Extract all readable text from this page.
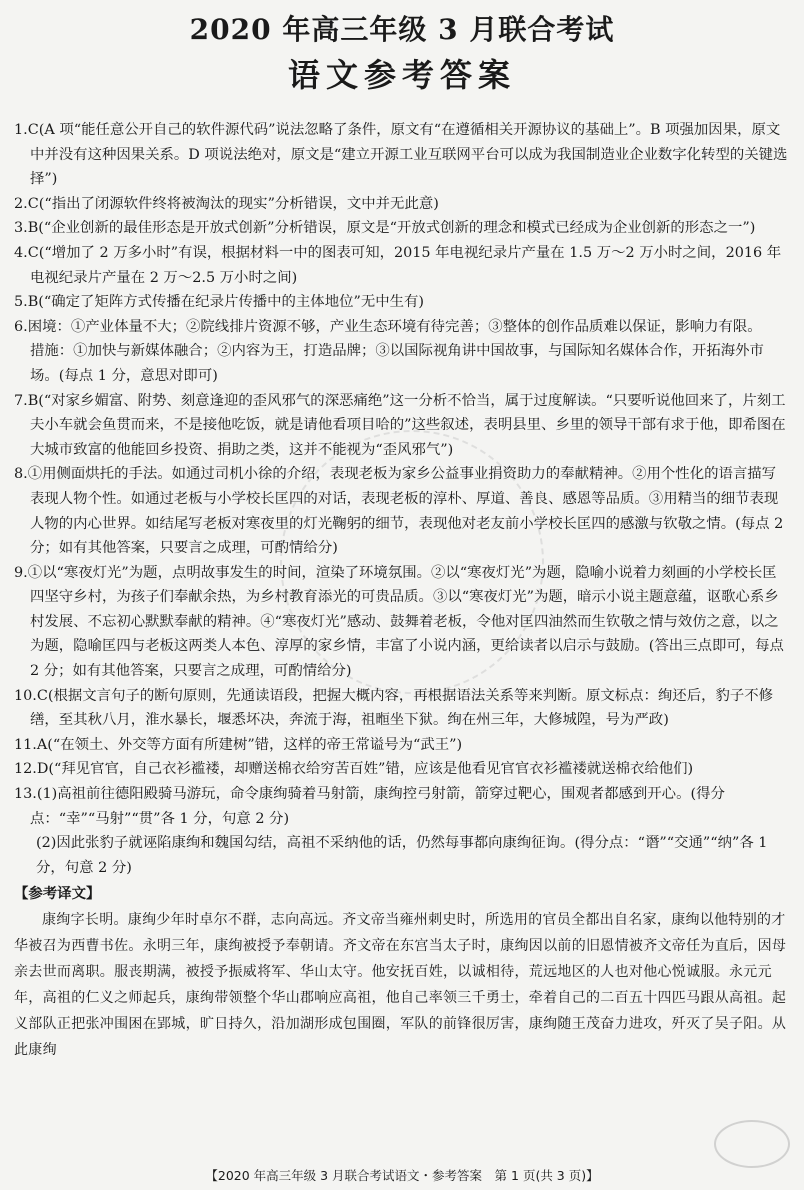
2020 年高三年级 3 月联合考试
语文参考答案

1.C(A 项“能任意公开自己的软件源代码”说法忽略了条件，原文有“在遵循相关开源协议的基础上”。B 项强加因果，原文中并没有这种因果关系。D 项说法绝对，原文是“建立开源工业互联网平台可以成为我国制造业企业数字化转型的关键选择”)

2.C(“指出了闭源软件终将被淘汰的现实”分析错误，文中并无此意)

3.B(“企业创新的最佳形态是开放式创新”分析错误，原文是“开放式创新的理念和模式已经成为企业创新的形态之一”)

4.C(“增加了 2 万多小时”有误，根据材料一中的图表可知，2015 年电视纪录片产量在 1.5 万～2 万小时之间，2016 年电视纪录片产量在 2 万～2.5 万小时之间)

5.B(“确定了矩阵方式传播在纪录片传播中的主体地位”无中生有)

6.困境：①产业体量不大；②院线排片资源不够，产业生态环境有待完善；③整体的创作品质难以保证，影响力有限。

措施：①加快与新媒体融合；②内容为王，打造品牌；③以国际视角讲中国故事，与国际知名媒体合作，开拓海外市场。(每点 1 分，意思对即可)

7.B(“对家乡媚富、附势、刻意逢迎的歪风邪气的深恶痛绝”这一分析不恰当，属于过度解读。“只要听说他回来了，片刻工夫小车就会鱼贯而来，不是接他吃饭，就是请他看项目哈的”这些叙述，表明县里、乡里的领导干部有求于他，即希图在大城市致富的他能回乡投资、捐助之类，这并不能视为“歪风邪气”)

8.①用侧面烘托的手法。如通过司机小徐的介绍，表现老板为家乡公益事业捐资助力的奉献精神。②用个性化的语言描写表现人物个性。如通过老板与小学校长匡四的对话，表现老板的淳朴、厚道、善良、感恩等品质。③用精当的细节表现人物的内心世界。如结尾写老板对寒夜里的灯光鞠躬的细节，表现他对老友前小学校长匡四的感激与钦敬之情。(每点 2 分；如有其他答案，只要言之成理，可酌情给分)

9.①以“寒夜灯光”为题，点明故事发生的时间，渲染了环境氛围。②以“寒夜灯光”为题，隐喻小说着力刻画的小学校长匡四坚守乡村，为孩子们奉献余热，为乡村教育添光的可贵品质。③以“寒夜灯光”为题，暗示小说主题意蕴，讴歌心系乡村发展、不忘初心默默奉献的精神。④“寒夜灯光”感动、鼓舞着老板，令他对匡四油然而生钦敬之情与效仿之意，以之为题，隐喻匡四与老板这两类人本色、淳厚的家乡情，丰富了小说内涵，更给读者以启示与鼓励。(答出三点即可，每点 2 分；如有其他答案，只要言之成理，可酌情给分)

10.C(根据文言句子的断句原则，先通读语段，把握大概内容，再根据语法关系等来判断。原文标点：绚还后，豹子不修缮，至其秋八月，淮水暴长，堰悉坏决，奔流于海，祖暅坐下狱。绚在州三年，大修城隍，号为严政)

11.A(“在领土、外交等方面有所建树”错，这样的帝王常谥号为“武王”)

12.D(“拜见官官，自己衣衫褴褛，却赠送棉衣给穷苦百姓”错，应该是他看见官官衣衫褴褛就送棉衣给他们)

13.(1)高祖前往德阳殿骑马游玩，命令康绚骑着马射箭，康绚控弓射箭，箭穿过靶心，围观者都感到开心。(得分点：“幸”“马射”“贯”各 1 分，句意 2 分)

(2)因此张豹子就诬陷康绚和魏国勾结，高祖不采纳他的话，仍然每事都向康绚征询。(得分点：“谮”“交通”“纳”各 1 分，句意 2 分)

【参考译文】

康绚字长明。康绚少年时卓尔不群，志向高远。齐文帝当雍州刺史时，所选用的官员全都出自名家，康绚以他特别的才华被召为西曹书佐。永明三年，康绚被授予奉朝请。齐文帝在东宫当太子时，康绚因以前的旧恩情被齐文帝任为直后，因母亲去世而离职。服丧期满，被授予振威将军、华山太守。他安抚百姓，以诚相待，荒远地区的人也对他心悦诚服。永元元年，高祖的仁义之师起兵，康绚带领整个华山郡响应高祖，他自己率领三千勇士，牵着自己的二百五十四匹马跟从高祖。起义部队正把张冲围困在郢城，旷日持久，沿加湖形成包围圈，军队的前锋很厉害，康绚随王茂奋力进攻，歼灭了吴子阳。从此康绚

【2020 年高三年级 3 月联合考试语文・参考答案　第 1 页(共 3 页)】
